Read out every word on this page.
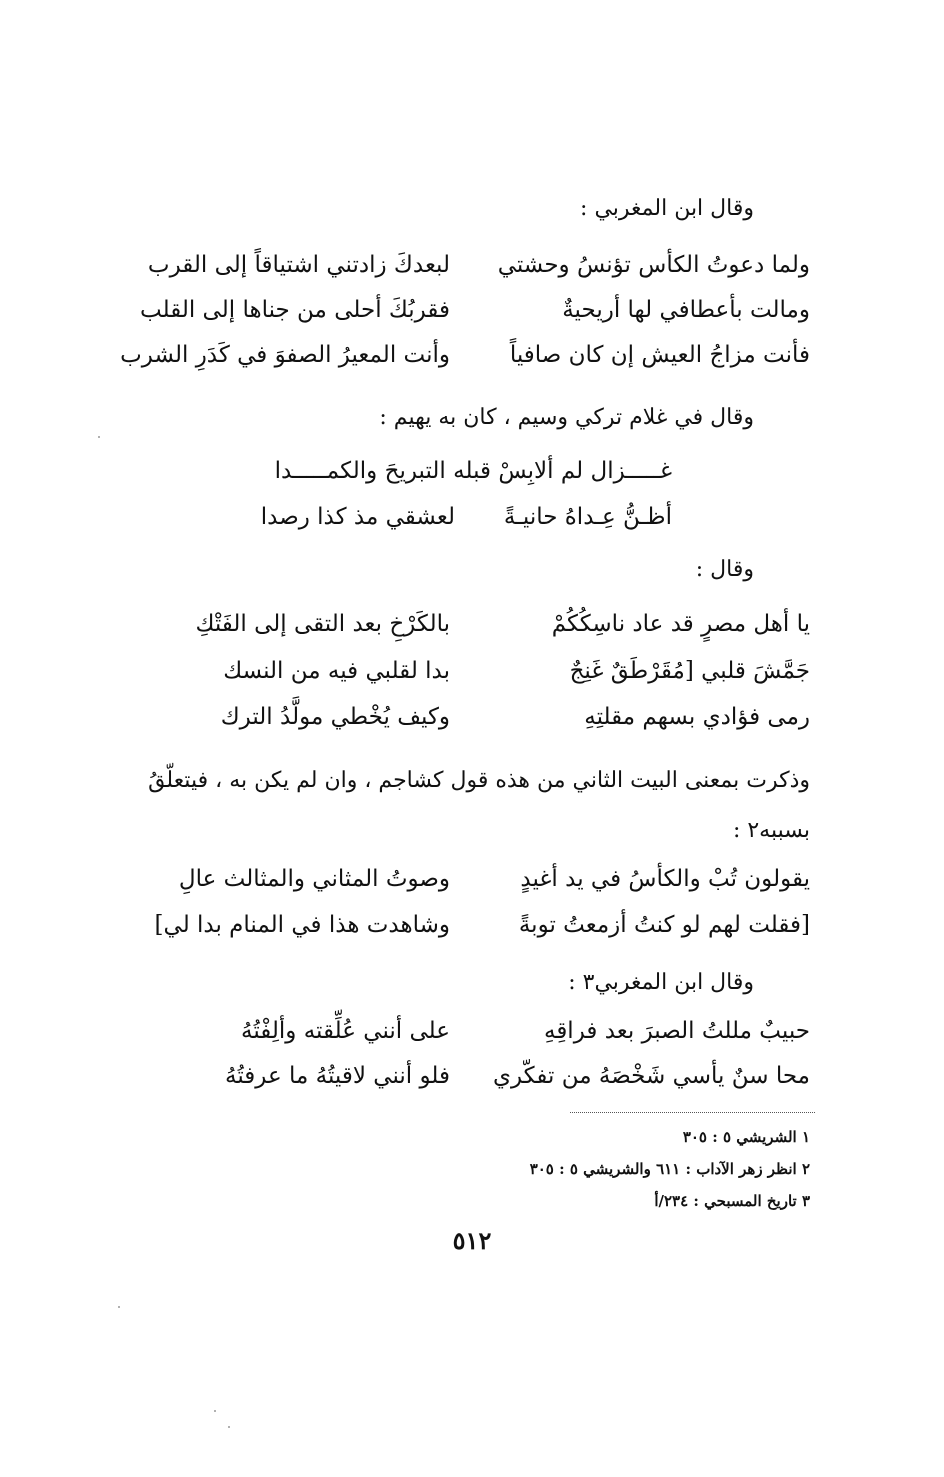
وقال ابن المغربي :
ولما دعوتُ الكأس تؤنسُ وحشتي
لبعدكَ زادتني اشتياقاً إلى القرب
ومالت بأعطافي لها أريحيةٌ
فقربُكَ أحلى من جناها إلى القلب
فأنت مزاجُ العيش إن كان صافياً
وأنت المعيرُ الصفوَ في كَدَرِ الشرب
وقال في غلام تركي وسيم ، كان به يهيم :
غـــــزال لم ألابِسْ قبله التبريحَ والكمـــــدا
أظـنُّ عِـداهُ حانيـةً
لعشقي مذ كذا رصدا
وقال :
يا أهل مصرٍ قد عاد ناسِكُكُمْ
بالكَرْخِ بعد التقى إلى الفَتْكِ
جَمَّشَ قلبي [مُقَرْطَقٌ غَنِجٌ
بدا لقلبي فيه من النسك
رمى فؤادي بسهم مقلتِهِ
وكيف يُخْطي مولَّدُ الترك
وذكرت بمعنى البيت الثاني من هذه قول كشاجم ، وان لم يكن به ، فيتعلّقُ بسببه٢ :
يقولون تُبْ والكأسُ في يد أغيدٍ
وصوتُ المثاني والمثالث عالِ
[فقلت لهم لو كنتُ أزمعتُ توبةً
وشاهدت هذا في المنام بدا لي]
وقال ابن المغربي٣ :
حبيبٌ مللتُ الصبرَ بعد فراقِهِ
على أنني عُلِّقته وألِفْتُهُ
محا سنٌ يأسي شَخْصَهُ من تفكّري
فلو أنني لاقيتُهُ ما عرفتُهُ
١ الشريشي ٥ : ٣٠٥
٢ انظر زهر الآداب : ٦١١ والشريشي ٥ : ٣٠٥
٣ تاريخ المسبحي : ٢٣٤/أ
٥١٢
